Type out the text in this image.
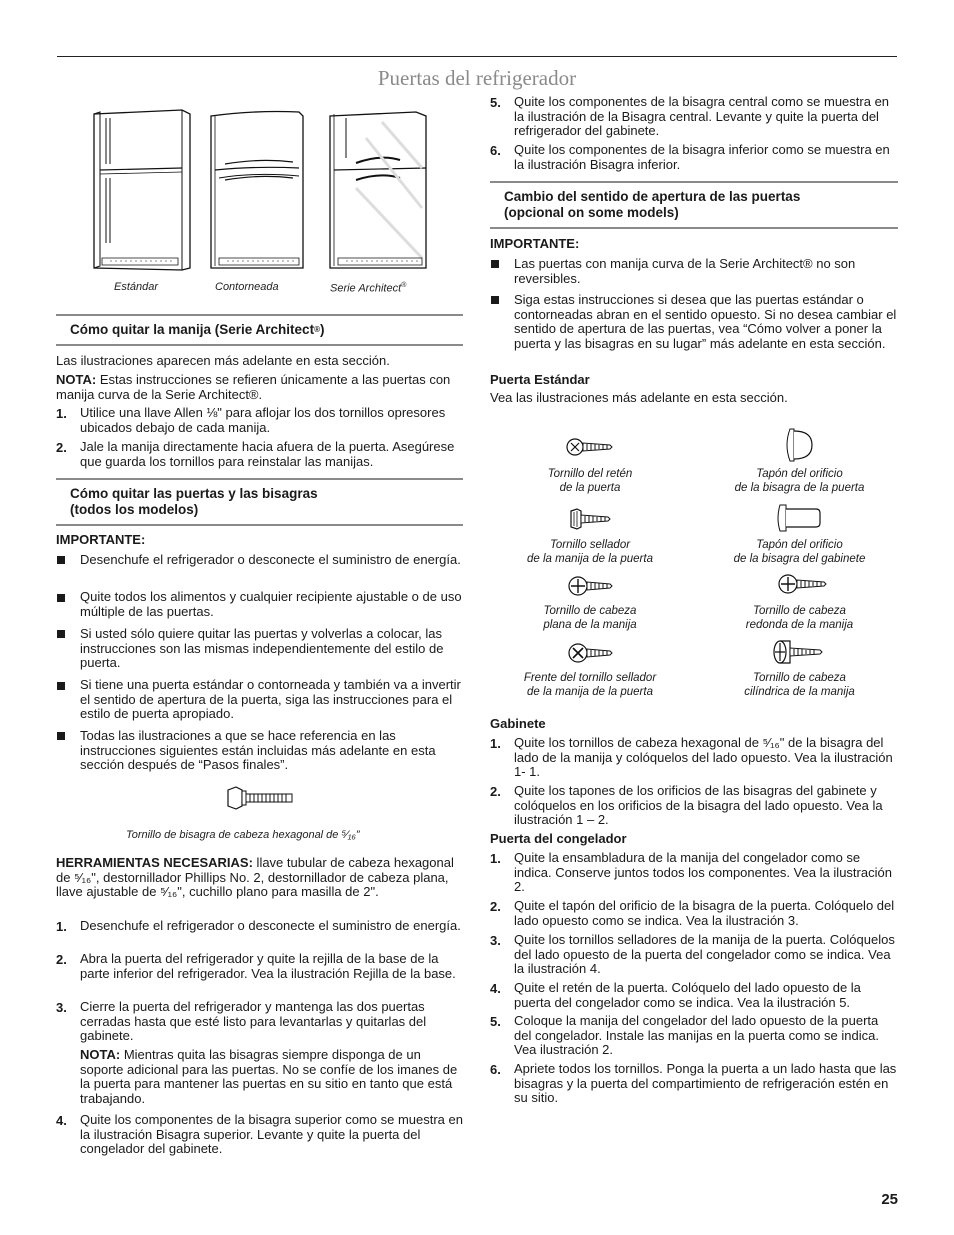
Puertas del refrigerador
Estándar	Contorneada	Serie Architect®
Cómo quitar la manija (Serie Architect ® )
Las ilustraciones aparecen más adelante en esta sección.
NOTA: Estas instrucciones se refieren únicamente a las puertas con manija curva de la Serie Architect®.
1. Utilice una llave Allen ⅛" para aflojar los dos tornillos opresores ubicados debajo de cada manija.
2. Jale la manija directamente hacia afuera de la puerta. Asegúrese que guarda los tornillos para reinstalar las manijas.
Cómo quitar las puertas y las bisagras
(todos los modelos)
IMPORTANTE:
Desenchufe el refrigerador o desconecte el suministro de energía.
Quite todos los alimentos y cualquier recipiente ajustable o de uso múltiple de las puertas.
Si usted sólo quiere quitar las puertas y volverlas a colocar, las instrucciones son las mismas independientemente del estilo de puerta.
Si tiene una puerta estándar o contorneada y también va a invertir el sentido de apertura de la puerta, siga las instrucciones para el estilo de puerta apropiado.
Todas las ilustraciones a que se hace referencia en las instrucciones siguientes están incluidas más adelante en esta sección después de “Pasos finales”.
Tornillo de bisagra de cabeza hexagonal de ⁵⁄₁₆”
HERRAMIENTAS NECESARIAS: llave tubular de cabeza hexagonal de ⁵⁄₁₆", destornillador Phillips No. 2, destornillador de cabeza plana, llave ajustable de ⁵⁄₁₆", cuchillo plano para masilla de 2".
1. Desenchufe el refrigerador o desconecte el suministro de energía.
2. Abra la puerta del refrigerador y quite la rejilla de la base de la parte inferior del refrigerador. Vea la ilustración Rejilla de la base.
3. Cierre la puerta del refrigerador y mantenga las dos puertas cerradas hasta que esté listo para levantarlas y quitarlas del gabinete.
NOTA: Mientras quita las bisagras siempre disponga de un soporte adicional para las puertas. No se confíe de los imanes de la puerta para mantener las puertas en su sitio en tanto que está trabajando.
4. Quite los componentes de la bisagra superior como se muestra en la ilustración Bisagra superior. Levante y quite la puerta del congelador del gabinete.
5. Quite los componentes de la bisagra central como se muestra en la ilustración de la Bisagra central. Levante y quite la puerta del refrigerador del gabinete.
6. Quite los componentes de la bisagra inferior como se muestra en la ilustración Bisagra inferior.
Cambio del sentido de apertura de las puertas
(opcional on some models)
IMPORTANTE:
Las puertas con manija curva de la Serie Architect® no son reversibles.
Siga estas instrucciones si desea que las puertas estándar o contorneadas abran en el sentido opuesto. Si no desea cambiar el sentido de apertura de las puertas, vea “Cómo volver a poner la puerta y las bisagras en su lugar” más adelante en esta sección.
Puerta Estándar
Vea las ilustraciones más adelante en esta sección.
Tornillo del retén
de la puerta
Tapón del orificio
de la bisagra de la puerta
Tornillo sellador
de la manija de la puerta
Tapón del orificio
de la bisagra del gabinete
Tornillo de cabeza
plana de la manija
Tornillo de cabeza
redonda de la manija
Frente del tornillo sellador
de la manija de la puerta
Tornillo de cabeza
cilíndrica de la manija
Gabinete
1. Quite los tornillos de cabeza hexagonal de ⁵⁄₁₆" de la bisagra del lado de la manija y colóquelos del lado opuesto. Vea la ilustración 1- 1.
2. Quite los tapones de los orificios de las bisagras del gabinete y colóquelos en los orificios de la bisagra del lado opuesto. Vea la ilustración 1 – 2.
Puerta del congelador
1. Quite la ensambladura de la manija del congelador como se indica. Conserve juntos todos los componentes. Vea la ilustración 2.
2. Quite el tapón del orificio de la bisagra de la puerta. Colóquelo del lado opuesto como se indica. Vea la ilustración 3.
3. Quite los tornillos selladores de la manija de la puerta. Colóquelos del lado opuesto de la puerta del congelador como se indica. Vea la ilustración 4.
4. Quite el retén de la puerta. Colóquelo del lado opuesto de la puerta del congelador como se indica. Vea la ilustración 5.
5. Coloque la manija del congelador del lado opuesto de la puerta del congelador. Instale las manijas en la puerta como se indica. Vea ilustración 2.
6. Apriete todos los tornillos. Ponga la puerta a un lado hasta que las bisagras y la puerta del compartimiento de refrigeración estén en su sitio.
25
